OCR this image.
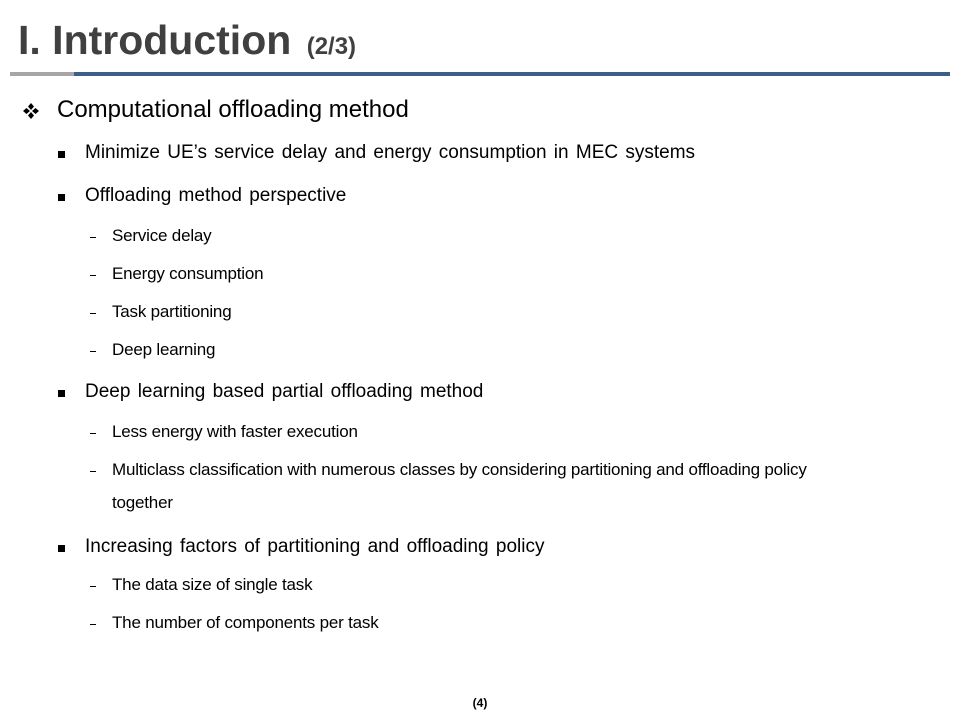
I. Introduction (2/3)
Computational offloading method
Minimize UE’s service delay and energy consumption in MEC systems
Offloading method perspective
Service delay
Energy consumption
Task partitioning
Deep learning
Deep learning based partial offloading method
Less energy with faster execution
Multiclass classification with numerous classes by considering partitioning and offloading policy
together
Increasing factors of partitioning and offloading policy
The data size of single task
The number of components per task
(4)
